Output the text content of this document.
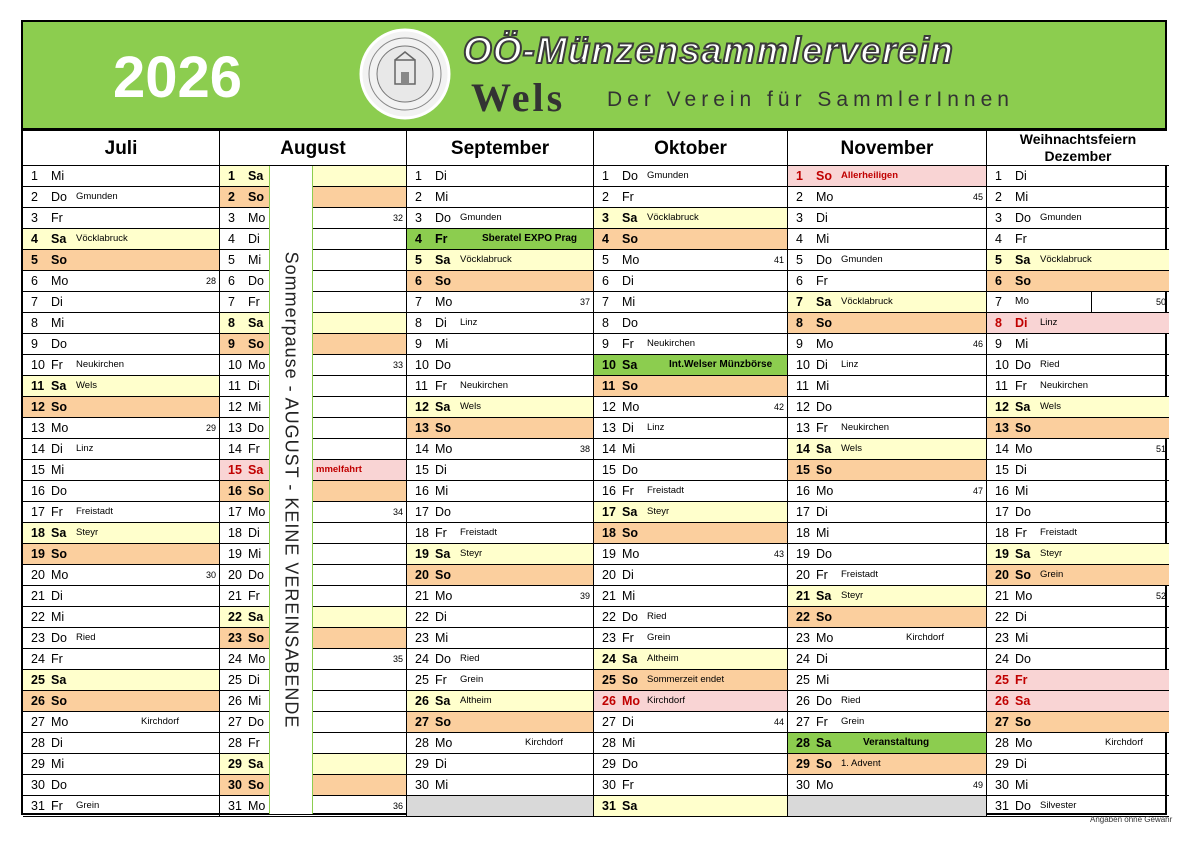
2026	OÖ-Münzensammlerverein
Wels Der Verein für SammlerInnen
Juli
1 Mi
2 Do Gmunden
3 Fr
4 Sa Vöcklabruck
5 So
6 Mo	28
7 Di
8 Mi
9 Do
10 Fr Neukirchen
11 Sa Wels
12 So
13 Mo	29
14 Di Linz
15 Mi
16 Do
17 Fr Freistadt
18 Sa Steyr
19 So
20 Mo	30
21 Di
22 Mi
23 Do Ried
24 Fr
25 Sa
26 So
27 Mo	Kirchdorf
28 Di
29 Mi
30 Do
31 Fr Grein
August
1 Sa
2 So
3 Mo	32
4 Di
5 Mi
6 Do
7 Fr
8 Sa
9 So
10 Mo	33
11 Di
12 Mi
13 Do
14 Fr
15 Sa	mmelfahrt
16 So
17 Mo	34
18 Di
19 Mi
20 Do
21 Fr
22 Sa
23 So
24 Mo	35
25 Di
26 Mi
27 Do
28 Fr
29 Sa
30 So
31 Mo	36
September
1 Di
2 Mi
3 Do Gmunden
4 Fr	Sberatel EXPO Prag
5 Sa Vöcklabruck
6 So
7 Mo	37
8 Di Linz
9 Mi
10 Do
11 Fr Neukirchen
12 Sa Wels
13 So
14 Mo	38
15 Di
16 Mi
17 Do
18 Fr Freistadt
19 Sa Steyr
20 So
21 Mo	39
22 Di
23 Mi
24 Do Ried
25 Fr Grein
26 Sa Altheim
27 So
28 Mo	Kirchdorf
29 Di
30 Mi
Oktober
1 Do Gmunden
2 Fr
3 Sa Vöcklabruck
4 So
5 Mo	41
6 Di
7 Mi
8 Do
9 Fr Neukirchen
10 Sa	Int.Welser Münzbörse
11 So
12 Mo	42
13 Di Linz
14 Mi
15 Do
16 Fr Freistadt
17 Sa Steyr
18 So
19 Mo	43
20 Di
21 Mi
22 Do Ried
23 Fr Grein
24 Sa Altheim
25 So Sommerzeit endet
26 Mo Kirchdorf
27 Di	44
28 Mi
29 Do
30 Fr
31 Sa
November
1 So Allerheiligen
2 Mo	45
3 Di
4 Mi
5 Do Gmunden
6 Fr
7 Sa Vöcklabruck
8 So
9 Mo	46
10 Di Linz
11 Mi
12 Do
13 Fr Neukirchen
14 Sa Wels
15 So
16 Mo	47
17 Di
18 Mi
19 Do
20 Fr Freistadt
21 Sa Steyr
22 So
23 Mo	Kirchdorf
24 Di
25 Mi
26 Do Ried
27 Fr Grein
28 Sa	Veranstaltung
29 So 1. Advent
30 Mo	49
Weihnachtsfeiern
Dezember
1 Di
2 Mi
3 Do Gmunden
4 Fr
5 Sa Vöcklabruck
6 So
7 Mo	50
8 Di Linz
9 Mi
10 Do Ried
11 Fr Neukirchen
12 Sa Wels
13 So
14 Mo	51
15 Di
16 Mi
17 Do
18 Fr Freistadt
19 Sa Steyr
20 So Grein
21 Mo	52
22 Di
23 Mi
24 Do
25 Fr
26 Sa
27 So
28 Mo	Kirchdorf
29 Di
30 Mi
31 Do Silvester
Sommerpause - AUGUST - KEINE VEREINSABENDE
Angaben ohne Gewähr
